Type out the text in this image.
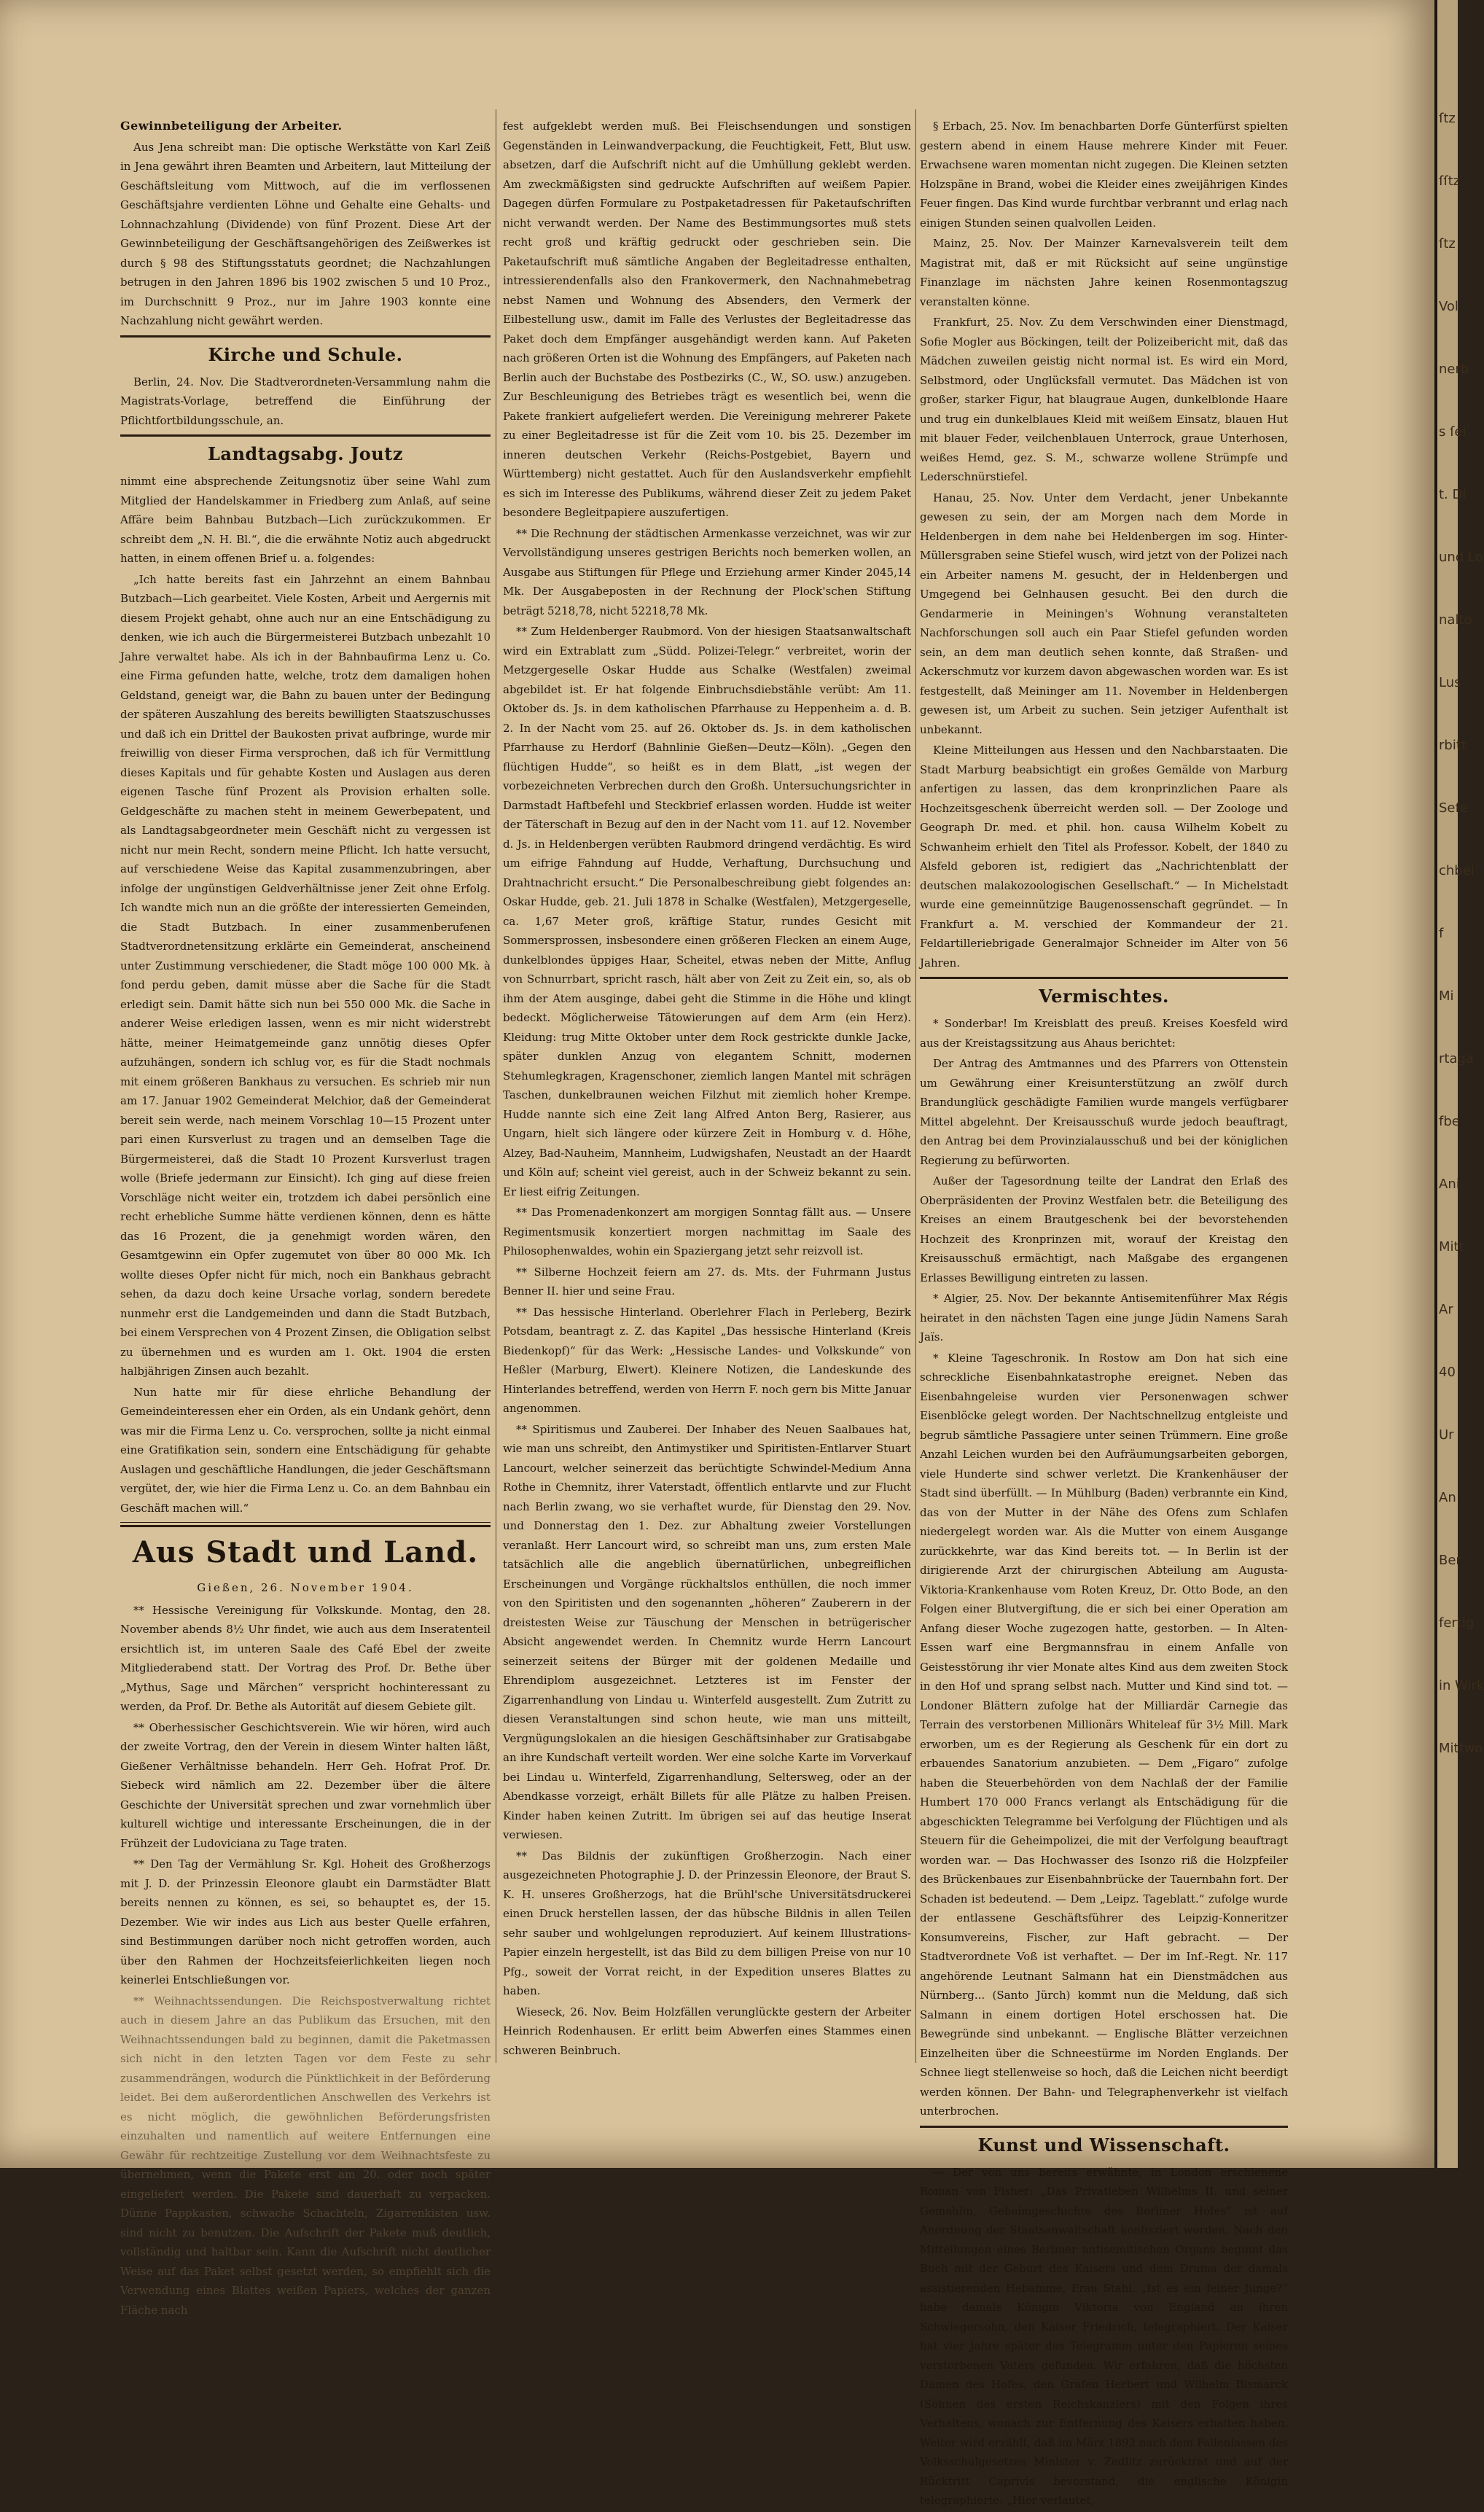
Gewinnbeteiligung der Arbeiter.

Aus Jena schreibt man: Die optische Werkstätte von Karl Zeiß in Jena gewährt ihren Beamten und Arbeitern, laut Mitteilung der Geschäftsleitung vom Mittwoch, auf die im verflossenen Geschäftsjahre verdienten Löhne und Gehalte eine Gehalts- und Lohnnachzahlung (Dividende) von fünf Prozent. Diese Art der Gewinnbeteiligung der Geschäftsangehörigen des Zeißwerkes ist durch § 98 des Stiftungsstatuts geordnet; die Nachzahlungen betrugen in den Jahren 1896 bis 1902 zwischen 5 und 10 Proz., im Durchschnitt 9 Proz., nur im Jahre 1903 konnte eine Nachzahlung nicht gewährt werden.

Kirche und Schule.

Berlin, 24. Nov. Die Stadtverordneten-Versammlung nahm die Magistrats-Vorlage, betreffend die Einführung der Pflichtfortbildungsschule, an.

Landtagsabg. Joutz

nimmt eine absprechende Zeitungsnotiz über seine Wahl zum Mitglied der Handelskammer in Friedberg zum Anlaß, auf seine Affäre beim Bahnbau Butzbach—Lich zurückzukommen. Er schreibt dem „N. H. Bl.“, die die erwähnte Notiz auch abgedruckt hatten, in einem offenen Brief u. a. folgendes:

„Ich hatte bereits fast ein Jahrzehnt an einem Bahnbau Butzbach—Lich gearbeitet. Viele Kosten, Arbeit und Aergernis mit diesem Projekt gehabt, ohne auch nur an eine Entschädigung zu denken, wie ich auch die Bürgermeisterei Butzbach unbezahlt 10 Jahre verwaltet habe. Als ich in der Bahnbaufirma Lenz u. Co. eine Firma gefunden hatte, welche, trotz dem damaligen hohen Geldstand, geneigt war, die Bahn zu bauen unter der Bedingung der späteren Auszahlung des bereits bewilligten Staatszuschusses und daß ich ein Drittel der Baukosten privat aufbringe, wurde mir freiwillig von dieser Firma versprochen, daß ich für Vermittlung dieses Kapitals und für gehabte Kosten und Auslagen aus deren eigenen Tasche fünf Prozent als Provision erhalten solle. Geldgeschäfte zu machen steht in meinem Gewerbepatent, und als Landtagsabgeordneter mein Geschäft nicht zu vergessen ist nicht nur mein Recht, sondern meine Pflicht. Ich hatte versucht, auf verschiedene Weise das Kapital zusammenzubringen, aber infolge der ungünstigen Geldverhältnisse jener Zeit ohne Erfolg. Ich wandte mich nun an die größte der interessierten Gemeinden, die Stadt Butzbach. In einer zusammenberufenen Stadtverordnetensitzung erklärte ein Gemeinderat, anscheinend unter Zustimmung verschiedener, die Stadt möge 100 000 Mk. à fond perdu geben, damit müsse aber die Sache für die Stadt erledigt sein. Damit hätte sich nun bei 550 000 Mk. die Sache in anderer Weise erledigen lassen, wenn es mir nicht widerstrebt hätte, meiner Heimatgemeinde ganz unnötig dieses Opfer aufzuhängen, sondern ich schlug vor, es für die Stadt nochmals mit einem größeren Bankhaus zu versuchen. Es schrieb mir nun am 17. Januar 1902 Gemeinderat Melchior, daß der Gemeinderat bereit sein werde, nach meinem Vorschlag 10—15 Prozent unter pari einen Kursverlust zu tragen und an demselben Tage die Bürgermeisterei, daß die Stadt 10 Prozent Kursverlust tragen wolle (Briefe jedermann zur Einsicht). Ich ging auf diese freien Vorschläge nicht weiter ein, trotzdem ich dabei persönlich eine recht erhebliche Summe hätte verdienen können, denn es hätte das 16 Prozent, die ja genehmigt worden wären, den Gesamtgewinn ein Opfer zugemutet von über 80 000 Mk. Ich wollte dieses Opfer nicht für mich, noch ein Bankhaus gebracht sehen, da dazu doch keine Ursache vorlag, sondern beredete nunmehr erst die Landgemeinden und dann die Stadt Butzbach, bei einem Versprechen von 4 Prozent Zinsen, die Obligation selbst zu übernehmen und es wurden am 1. Okt. 1904 die ersten halbjährigen Zinsen auch bezahlt.

Nun hatte mir für diese ehrliche Behandlung der Gemeindeinteressen eher ein Orden, als ein Undank gehört, denn was mir die Firma Lenz u. Co. versprochen, sollte ja nicht einmal eine Gratifikation sein, sondern eine Entschädigung für gehabte Auslagen und geschäftliche Handlungen, die jeder Geschäftsmann vergütet, der, wie hier die Firma Lenz u. Co. an dem Bahnbau ein Geschäft machen will.“

Aus Stadt und Land.
Gießen, 26. November 1904.

** Hessische Vereinigung für Volkskunde. Montag, den 28. November abends 8½ Uhr findet, wie auch aus dem Inseratenteil ersichtlich ist, im unteren Saale des Café Ebel der zweite Mitgliederabend statt. Der Vortrag des Prof. Dr. Bethe über „Mythus, Sage und Märchen“ verspricht hochinteressant zu werden, da Prof. Dr. Bethe als Autorität auf diesem Gebiete gilt.

** Oberhessischer Geschichtsverein. Wie wir hören, wird auch der zweite Vortrag, den der Verein in diesem Winter halten läßt, Gießener Verhältnisse behandeln. Herr Geh. Hofrat Prof. Dr. Siebeck wird nämlich am 22. Dezember über die ältere Geschichte der Universität sprechen und zwar vornehmlich über kulturell wichtige und interessante Erscheinungen, die in der Frühzeit der Ludoviciana zu Tage traten.

** Den Tag der Vermählung Sr. Kgl. Hoheit des Großherzogs mit J. D. der Prinzessin Eleonore glaubt ein Darmstädter Blatt bereits nennen zu können, es sei, so behauptet es, der 15. Dezember. Wie wir indes aus Lich aus bester Quelle erfahren, sind Bestimmungen darüber noch nicht getroffen worden, auch über den Rahmen der Hochzeitsfeierlichkeiten liegen noch keinerlei Entschließungen vor.

** Weihnachtssendungen. Die Reichspostverwaltung richtet auch in diesem Jahre an das Publikum das Ersuchen, mit den Weihnachtssendungen bald zu beginnen, damit die Paketmassen sich nicht in den letzten Tagen vor dem Feste zu sehr zusammendrängen, wodurch die Pünktlichkeit in der Beförderung leidet. Bei dem außerordentlichen Anschwellen des Verkehrs ist es nicht möglich, die gewöhnlichen Beförderungsfristen einzuhalten und namentlich auf weitere Entfernungen eine Gewähr für rechtzeitige Zustellung vor dem Weihnachtsfeste zu übernehmen, wenn die Pakete erst am 20. oder noch später eingeliefert werden. Die Pakete sind dauerhaft zu verpacken. Dünne Pappkasten, schwache Schachteln, Zigarrenkisten usw. sind nicht zu benutzen. Die Aufschrift der Pakete muß deutlich, vollständig und haltbar sein. Kann die Aufschrift nicht deutlicher Weise auf das Paket selbst gesetzt werden, so empfiehlt sich die Verwendung eines Blattes weißen Papiers, welches der ganzen Fläche nach

fest aufgeklebt werden muß. Bei Fleischsendungen und sonstigen Gegenständen in Leinwandverpackung, die Feuchtigkeit, Fett, Blut usw. absetzen, darf die Aufschrift nicht auf die Umhüllung geklebt werden. Am zweckmäßigsten sind gedruckte Aufschriften auf weißem Papier. Dagegen dürfen Formulare zu Postpaketadressen für Paketaufschriften nicht verwandt werden. Der Name des Bestimmungsortes muß stets recht groß und kräftig gedruckt oder geschrieben sein. Die Paketaufschrift muß sämtliche Angaben der Begleitadresse enthalten, intressierendenfalls also den Frankovermerk, den Nachnahmebetrag nebst Namen und Wohnung des Absenders, den Vermerk der Eilbestellung usw., damit im Falle des Verlustes der Begleitadresse das Paket doch dem Empfänger ausgehändigt werden kann. Auf Paketen nach größeren Orten ist die Wohnung des Empfängers, auf Paketen nach Berlin auch der Buchstabe des Postbezirks (C., W., SO. usw.) anzugeben. Zur Beschleunigung des Betriebes trägt es wesentlich bei, wenn die Pakete frankiert aufgeliefert werden. Die Vereinigung mehrerer Pakete zu einer Begleitadresse ist für die Zeit vom 10. bis 25. Dezember im inneren deutschen Verkehr (Reichs-Postgebiet, Bayern und Württemberg) nicht gestattet. Auch für den Auslandsverkehr empfiehlt es sich im Interesse des Publikums, während dieser Zeit zu jedem Paket besondere Begleitpapiere auszufertigen.

** Die Rechnung der städtischen Armenkasse verzeichnet, was wir zur Vervollständigung unseres gestrigen Berichts noch bemerken wollen, an Ausgabe aus Stiftungen für Pflege und Erziehung armer Kinder 2045,14 Mk. Der Ausgabeposten in der Rechnung der Plock'schen Stiftung beträgt 5218,78, nicht 52218,78 Mk.

** Zum Heldenberger Raubmord. Von der hiesigen Staatsanwaltschaft wird ein Extrablatt zum „Südd. Polizei-Telegr.“ verbreitet, worin der Metzgergeselle Oskar Hudde aus Schalke (Westfalen) zweimal abgebildet ist. Er hat folgende Einbruchsdiebstähle verübt: Am 11. Oktober ds. Js. in dem katholischen Pfarrhause zu Heppenheim a. d. B. 2. In der Nacht vom 25. auf 26. Oktober ds. Js. in dem katholischen Pfarrhause zu Herdorf (Bahnlinie Gießen—Deutz—Köln). „Gegen den flüchtigen Hudde“, so heißt es in dem Blatt, „ist wegen der vorbezeichneten Verbrechen durch den Großh. Untersuchungsrichter in Darmstadt Haftbefehl und Steckbrief erlassen worden. Hudde ist weiter der Täterschaft in Bezug auf den in der Nacht vom 11. auf 12. November d. Js. in Heldenbergen verübten Raubmord dringend verdächtig. Es wird um eifrige Fahndung auf Hudde, Verhaftung, Durchsuchung und Drahtnachricht ersucht.“ Die Personalbeschreibung giebt folgendes an: Oskar Hudde, geb. 21. Juli 1878 in Schalke (Westfalen), Metzgergeselle, ca. 1,67 Meter groß, kräftige Statur, rundes Gesicht mit Sommersprossen, insbesondere einen größeren Flecken an einem Auge, dunkelblondes üppiges Haar, Scheitel, etwas neben der Mitte, Anflug von Schnurrbart, spricht rasch, hält aber von Zeit zu Zeit ein, so, als ob ihm der Atem ausginge, dabei geht die Stimme in die Höhe und klingt bedeckt. Möglicherweise Tätowierungen auf dem Arm (ein Herz). Kleidung: trug Mitte Oktober unter dem Rock gestrickte dunkle Jacke, später dunklen Anzug von elegantem Schnitt, modernen Stehumlegkragen, Kragenschoner, ziemlich langen Mantel mit schrägen Taschen, dunkelbraunen weichen Filzhut mit ziemlich hoher Krempe. Hudde nannte sich eine Zeit lang Alfred Anton Berg, Rasierer, aus Ungarn, hielt sich längere oder kürzere Zeit in Homburg v. d. Höhe, Alzey, Bad-Nauheim, Mannheim, Ludwigshafen, Neustadt an der Haardt und Köln auf; scheint viel gereist, auch in der Schweiz bekannt zu sein. Er liest eifrig Zeitungen.

** Das Promenadenkonzert am morgigen Sonntag fällt aus. — Unsere Regimentsmusik konzertiert morgen nachmittag im Saale des Philosophenwaldes, wohin ein Spaziergang jetzt sehr reizvoll ist.

** Silberne Hochzeit feiern am 27. ds. Mts. der Fuhrmann Justus Benner II. hier und seine Frau.

** Das hessische Hinterland. Oberlehrer Flach in Perleberg, Bezirk Potsdam, beantragt z. Z. das Kapitel „Das hessische Hinterland (Kreis Biedenkopf)“ für das Werk: „Hessische Landes- und Volkskunde“ von Heßler (Marburg, Elwert). Kleinere Notizen, die Landeskunde des Hinterlandes betreffend, werden von Herrn F. noch gern bis Mitte Januar angenommen.

** Spiritismus und Zauberei. Der Inhaber des Neuen Saalbaues hat, wie man uns schreibt, den Antimystiker und Spiritisten-Entlarver Stuart Lancourt, welcher seinerzeit das berüchtigte Schwindel-Medium Anna Rothe in Chemnitz, ihrer Vaterstadt, öffentlich entlarvte und zur Flucht nach Berlin zwang, wo sie verhaftet wurde, für Dienstag den 29. Nov. und Donnerstag den 1. Dez. zur Abhaltung zweier Vorstellungen veranlaßt. Herr Lancourt wird, so schreibt man uns, zum ersten Male tatsächlich alle die angeblich übernatürlichen, unbegreiflichen Erscheinungen und Vorgänge rückhaltslos enthüllen, die noch immer von den Spiritisten und den sogenannten „höheren“ Zauberern in der dreistesten Weise zur Täuschung der Menschen in betrügerischer Absicht angewendet werden. In Chemnitz wurde Herrn Lancourt seinerzeit seitens der Bürger mit der goldenen Medaille und Ehrendiplom ausgezeichnet. Letzteres ist im Fenster der Zigarrenhandlung von Lindau u. Winterfeld ausgestellt. Zum Zutritt zu diesen Veranstaltungen sind schon heute, wie man uns mitteilt, Vergnügungslokalen an die hiesigen Geschäftsinhaber zur Gratisabgabe an ihre Kundschaft verteilt worden. Wer eine solche Karte im Vorverkauf bei Lindau u. Winterfeld, Zigarrenhandlung, Seltersweg, oder an der Abendkasse vorzeigt, erhält Billets für alle Plätze zu halben Preisen. Kinder haben keinen Zutritt. Im übrigen sei auf das heutige Inserat verwiesen.

** Das Bildnis der zukünftigen Großherzogin. Nach einer ausgezeichneten Photographie J. D. der Prinzessin Eleonore, der Braut S. K. H. unseres Großherzogs, hat die Brühl'sche Universitätsdruckerei einen Druck herstellen lassen, der das hübsche Bildnis in allen Teilen sehr sauber und wohlgelungen reproduziert. Auf keinem Illustrations-Papier einzeln hergestellt, ist das Bild zu dem billigen Preise von nur 10 Pfg., soweit der Vorrat reicht, in der Expedition unseres Blattes zu haben.

Wieseck, 26. Nov. Beim Holzfällen verunglückte gestern der Arbeiter Heinrich Rodenhausen. Er erlitt beim Abwerfen eines Stammes einen schweren Beinbruch.

§ Erbach, 25. Nov. Im benachbarten Dorfe Günterfürst spielten gestern abend in einem Hause mehrere Kinder mit Feuer. Erwachsene waren momentan nicht zugegen. Die Kleinen setzten Holzspäne in Brand, wobei die Kleider eines zweijährigen Kindes Feuer fingen. Das Kind wurde furchtbar verbrannt und erlag nach einigen Stunden seinen qualvollen Leiden.

Mainz, 25. Nov. Der Mainzer Karnevalsverein teilt dem Magistrat mit, daß er mit Rücksicht auf seine ungünstige Finanzlage im nächsten Jahre keinen Rosenmontagszug veranstalten könne.

Frankfurt, 25. Nov. Zu dem Verschwinden einer Dienstmagd, Sofie Mogler aus Böckingen, teilt der Polizeibericht mit, daß das Mädchen zuweilen geistig nicht normal ist. Es wird ein Mord, Selbstmord, oder Unglücksfall vermutet. Das Mädchen ist von großer, starker Figur, hat blaugraue Augen, dunkelblonde Haare und trug ein dunkelblaues Kleid mit weißem Einsatz, blauen Hut mit blauer Feder, veilchenblauen Unterrock, graue Unterhosen, weißes Hemd, gez. S. M., schwarze wollene Strümpfe und Lederschnürstiefel.

Hanau, 25. Nov. Unter dem Verdacht, jener Unbekannte gewesen zu sein, der am Morgen nach dem Morde in Heldenbergen in dem nahe bei Heldenbergen im sog. Hinter-Müllersgraben seine Stiefel wusch, wird jetzt von der Polizei nach ein Arbeiter namens M. gesucht, der in Heldenbergen und Umgegend bei Gelnhausen gesucht. Bei den durch die Gendarmerie in Meiningen's Wohnung veranstalteten Nachforschungen soll auch ein Paar Stiefel gefunden worden sein, an dem man deutlich sehen konnte, daß Straßen- und Ackerschmutz vor kurzem davon abgewaschen worden war. Es ist festgestellt, daß Meininger am 11. November in Heldenbergen gewesen ist, um Arbeit zu suchen. Sein jetziger Aufenthalt ist unbekannt.

Kleine Mitteilungen aus Hessen und den Nachbarstaaten. Die Stadt Marburg beabsichtigt ein großes Gemälde von Marburg anfertigen zu lassen, das dem kronprinzlichen Paare als Hochzeitsgeschenk überreicht werden soll. — Der Zoologe und Geograph Dr. med. et phil. hon. causa Wilhelm Kobelt zu Schwanheim erhielt den Titel als Professor. Kobelt, der 1840 zu Alsfeld geboren ist, redigiert das „Nachrichtenblatt der deutschen malakozoologischen Gesellschaft.“ — In Michelstadt wurde eine gemeinnützige Baugenossenschaft gegründet. — In Frankfurt a. M. verschied der Kommandeur der 21. Feldartilleriebrigade Generalmajor Schneider im Alter von 56 Jahren.

Vermischtes.

* Sonderbar! Im Kreisblatt des preuß. Kreises Koesfeld wird aus der Kreistagssitzung aus Ahaus berichtet:

Der Antrag des Amtmannes und des Pfarrers von Ottenstein um Gewährung einer Kreisunterstützung an zwölf durch Brandunglück geschädigte Familien wurde mangels verfügbarer Mittel abgelehnt. Der Kreisausschuß wurde jedoch beauftragt, den Antrag bei dem Provinzialausschuß und bei der königlichen Regierung zu befürworten.

Außer der Tagesordnung teilte der Landrat den Erlaß des Oberpräsidenten der Provinz Westfalen betr. die Beteiligung des Kreises an einem Brautgeschenk bei der bevorstehenden Hochzeit des Kronprinzen mit, worauf der Kreistag den Kreisausschuß ermächtigt, nach Maßgabe des ergangenen Erlasses Bewilligung eintreten zu lassen.

* Algier, 25. Nov. Der bekannte Antisemitenführer Max Régis heiratet in den nächsten Tagen eine junge Jüdin Namens Sarah Jaïs.

* Kleine Tageschronik. In Rostow am Don hat sich eine schreckliche Eisenbahnkatastrophe ereignet. Neben das Eisenbahngeleise wurden vier Personenwagen schwer Eisenblöcke gelegt worden. Der Nachtschnellzug entgleiste und begrub sämtliche Passagiere unter seinen Trümmern. Eine große Anzahl Leichen wurden bei den Aufräumungsarbeiten geborgen, viele Hunderte sind schwer verletzt. Die Krankenhäuser der Stadt sind überfüllt. — In Mühlburg (Baden) verbrannte ein Kind, das von der Mutter in der Nähe des Ofens zum Schlafen niedergelegt worden war. Als die Mutter von einem Ausgange zurückkehrte, war das Kind bereits tot. — In Berlin ist der dirigierende Arzt der chirurgischen Abteilung am Augusta-Viktoria-Krankenhause vom Roten Kreuz, Dr. Otto Bode, an den Folgen einer Blutvergiftung, die er sich bei einer Operation am Anfang dieser Woche zugezogen hatte, gestorben. — In Alten-Essen warf eine Bergmannsfrau in einem Anfalle von Geistesstörung ihr vier Monate altes Kind aus dem zweiten Stock in den Hof und sprang selbst nach. Mutter und Kind sind tot. — Londoner Blättern zufolge hat der Milliardär Carnegie das Terrain des verstorbenen Millionärs Whiteleaf für 3½ Mill. Mark erworben, um es der Regierung als Geschenk für ein dort zu erbauendes Sanatorium anzubieten. — Dem „Figaro“ zufolge haben die Steuerbehörden von dem Nachlaß der der Familie Humbert 170 000 Francs verlangt als Entschädigung für die abgeschickten Telegramme bei Verfolgung der Flüchtigen und als Steuern für die Geheimpolizei, die mit der Verfolgung beauftragt worden war. — Das Hochwasser des Isonzo riß die Holzpfeiler des Brückenbaues zur Eisenbahnbrücke der Tauernbahn fort. Der Schaden ist bedeutend. — Dem „Leipz. Tageblatt.“ zufolge wurde der entlassene Geschäftsführer des Leipzig-Konneritzer Konsumvereins, Fischer, zur Haft gebracht. — Der Stadtverordnete Voß ist verhaftet. — Der im Inf.-Regt. Nr. 117 angehörende Leutnant Salmann hat ein Dienstmädchen aus Nürnberg... (Santo Jürch) kommt nun die Meldung, daß sich Salmann in einem dortigen Hotel erschossen hat. Die Bewegründe sind unbekannt. — Englische Blätter verzeichnen Einzelheiten über die Schneestürme im Norden Englands. Der Schnee liegt stellenweise so hoch, daß die Leichen nicht beerdigt werden können. Der Bahn- und Telegraphenverkehr ist vielfach unterbrochen.

Kunst und Wissenschaft.

— Der von uns bereits erwähnte, in London erschienene Roman von Fisher: „Das Privatleben Wilhelms II. und seiner Gemahlin, Geheimgeschichte des Berliner Hofes“ ist auf Anordnung der Staatsanwaltschaft konfisziert worden. Nach den Mitteilungen eines Berliner antisemitischen Organs beginnt das Buch mit der Geburt des Kaisers und dem Drama der damals assistierenden Hebamme, Frau Stahl. „Ist es ein feiner Junge?“ habe damals Königin Viktoria von England an ihren Schwiegersohn, den Kaiser Friedrich, telegraphiert. Der Kaiser hat vier Jahre später das Telegramm unter den Papieren seines verstorbenen Vaters gefunden. Wir erfahren, daß die höchsten Damen des Hofes, den Grafen Herbert und Wilhelm Bismarck (Söhnen des ersten Reichskanzlers) mit den Folgen ihres Verhaltens, wonach zur Entfernung des Kaisers erhalten haben. Weiter wird erzählt, daß im März 1892 nach dem Fallenlassen des Volksschulgesetzes Minister v. Zedlitz zurücktrat und auf der Rücktritt Caprivis bevorstand, die englische Königin telegraphierte: „Hier verlautet,

ſtz
ſſtz
ſtz
Vol
nerb
s ſei
t. Di
und Lo
nalto
Lus
rbitt
Seſe
chbei
f
Mi
rtaga
fbe
Ani
Mitt
Ar
40
Ur
An
Ber
fertig
in Wirk
Mittwo
